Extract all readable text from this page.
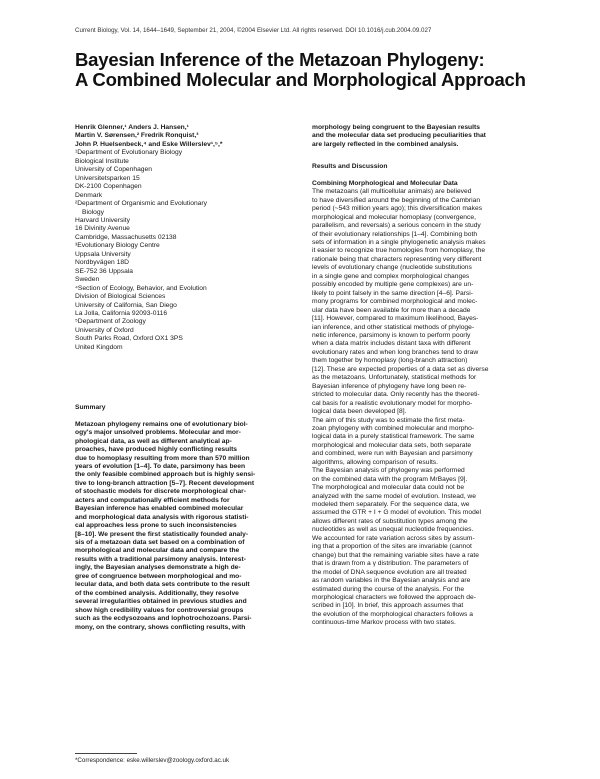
Current Biology, Vol. 14, 1644–1649, September 21, 2004, ©2004 Elsevier Ltd. All rights reserved. DOI 10.1016/j.cub.2004.09.027
Bayesian Inference of the Metazoan Phylogeny:
A Combined Molecular and Morphological Approach
Henrik Glenner,¹ Anders J. Hansen,¹
Martin V. Sørensen,² Fredrik Ronquist,³
John P. Huelsenbeck,⁴ and Eske Willerslev¹,⁵,*
¹Department of Evolutionary Biology
Biological Institute
University of Copenhagen
Universitetsparken 15
DK-2100 Copenhagen
Denmark
²Department of Organismic and Evolutionary
Biology
Harvard University
16 Divinity Avenue
Cambridge, Massachusetts 02138
³Evolutionary Biology Centre
Uppsala University
Nordbyvägen 18D
SE-752 36 Uppsala
Sweden
⁴Section of Ecology, Behavior, and Evolution
Division of Biological Sciences
University of California, San Diego
La Jolla, California 92093-0116
⁵Department of Zoology
University of Oxford
South Parks Road, Oxford OX1 3PS
United Kingdom
Summary
Metazoan phylogeny remains one of evolutionary biol-
ogy's major unsolved problems. Molecular and mor-
phological data, as well as different analytical ap-
proaches, have produced highly conflicting results
due to homoplasy resulting from more than 570 million
years of evolution [1–4]. To date, parsimony has been
the only feasible combined approach but is highly sensi-
tive to long-branch attraction [5–7]. Recent development
of stochastic models for discrete morphological char-
acters and computationally efficient methods for
Bayesian inference has enabled combined molecular
and morphological data analysis with rigorous statisti-
cal approaches less prone to such inconsistencies
[8–10]. We present the first statistically founded analy-
sis of a metazoan data set based on a combination of
morphological and molecular data and compare the
results with a traditional parsimony analysis. Interest-
ingly, the Bayesian analyses demonstrate a high de-
gree of congruence between morphological and mo-
lecular data, and both data sets contribute to the result
of the combined analysis. Additionally, they resolve
several irregularities obtained in previous studies and
show high credibility values for controversial groups
such as the ecdysozoans and lophotrochozoans. Parsi-
mony, on the contrary, shows conflicting results, with
morphology being congruent to the Bayesian results
and the molecular data set producing peculiarities that
are largely reflected in the combined analysis.
Results and Discussion
Combining Morphological and Molecular Data
The metazoans (all multicellular animals) are believed
to have diversified around the beginning of the Cambrian
period (~543 million years ago); this diversification makes
morphological and molecular homoplasy (convergence,
parallelism, and reversals) a serious concern in the study
of their evolutionary relationships [1–4]. Combining both
sets of information in a single phylogenetic analysis makes
it easier to recognize true homologies from homoplasy, the
rationale being that characters representing very different
levels of evolutionary change (nucleotide substitutions
in a single gene and complex morphological changes
possibly encoded by multiple gene complexes) are un-
likely to point falsely in the same direction [4–6]. Parsi-
mony programs for combined morphological and molec-
ular data have been available for more than a decade
[11]. However, compared to maximum likelihood, Bayes-
ian inference, and other statistical methods of phyloge-
netic inference, parsimony is known to perform poorly
when a data matrix includes distant taxa with different
evolutionary rates and when long branches tend to draw
them together by homoplasy (long-branch attraction)
[12]. These are expected properties of a data set as diverse
as the metazoans. Unfortunately, statistical methods for
Bayesian inference of phylogeny have long been re-
stricted to molecular data. Only recently has the theoreti-
cal basis for a realistic evolutionary model for morpho-
logical data been developed [8].
The aim of this study was to estimate the first meta-
zoan phylogeny with combined molecular and morpho-
logical data in a purely statistical framework. The same
morphological and molecular data sets, both separate
and combined, were run with Bayesian and parsimony
algorithms, allowing comparison of results.
The Bayesian analysis of phylogeny was performed
on the combined data with the program MrBayes [9].
The morphological and molecular data could not be
analyzed with the same model of evolution. Instead, we
modeled them separately. For the sequence data, we
assumed the GTR + I + G model of evolution. This model
allows different rates of substitution types among the
nucleotides as well as unequal nucleotide frequencies.
We accounted for rate variation across sites by assum-
ing that a proportion of the sites are invariable (cannot
change) but that the remaining variable sites have a rate
that is drawn from a γ distribution. The parameters of
the model of DNA sequence evolution are all treated
as random variables in the Bayesian analysis and are
estimated during the course of the analysis. For the
morphological characters we followed the approach de-
scribed in [10]. In brief, this approach assumes that
the evolution of the morphological characters follows a
continuous-time Markov process with two states.
*Correspondence: eske.willerslev@zoology.oxford.ac.uk
